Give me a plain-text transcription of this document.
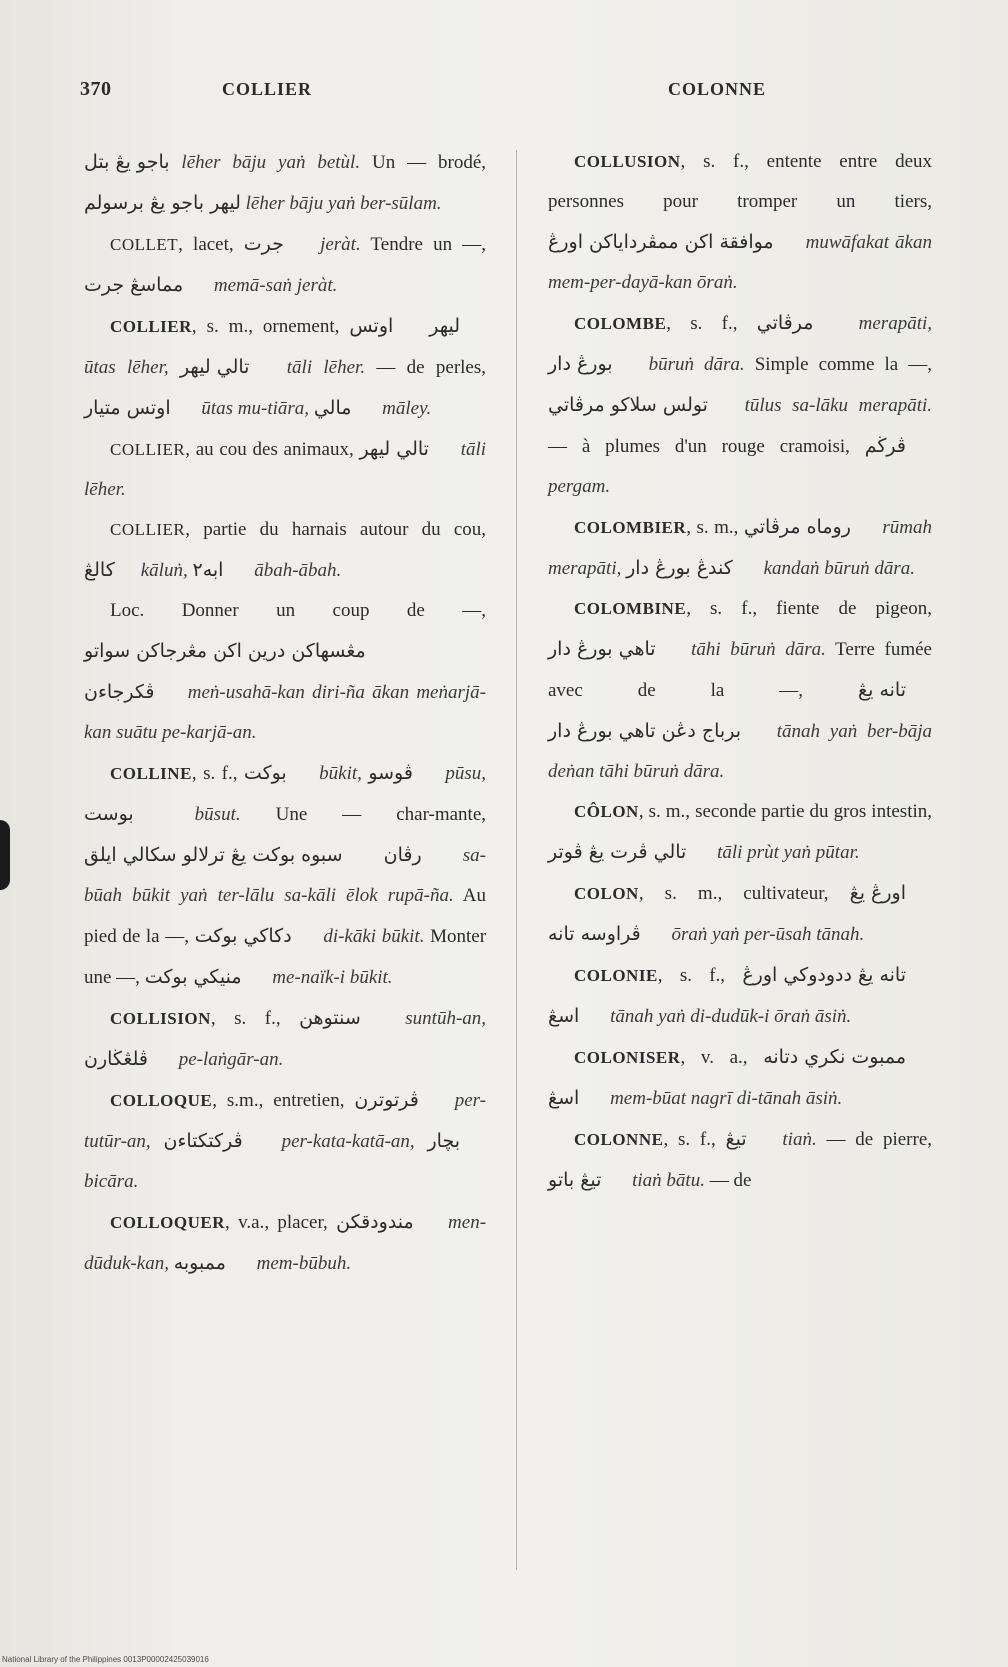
370	COLLIER	COLONNE

باجو يڠ بتل lēher bāju yaṅ betùl. Un — brodé, ليهر باجو يڠ برسولم lēher bāju yaṅ ber-sūlam.

COLLET, lacet, جرت jeràt. Tendre un —, مماسڠ جرت memā-saṅ jeràt.

COLLIER, s. m., ornement, اوتس ليهر ūtas lēher, تالي ليهر tāli lēher. — de perles, اوتس متيار ūtas mu-tiāra, مالي māley.

COLLIER, au cou des animaux, تالي ليهر tāli lēher.

COLLIER, partie du harnais autour du cou, كالڠ kāluṅ, ابه٢ ābah-ābah.

Loc. Donner un coup de —, مڠسهاكن درين اكن مڠرجاكن سواتو ڤكرجاءن meṅ-usahā-kan diri-ña ākan meṅarjā-kan suātu pe-karjā-an.

COLLINE, s. f., بوكت būkit, ڤوسو pūsu, بوست	būsut. Une — char-mante, سبوه بوكت يڠ ترلالو سكالي ايلق رڤان sa-būah būkit yaṅ ter-lālu sa-kāli ēlok rupā-ña. Au pied de la —, دكاكي بوكت di-kāki būkit. Monter une —, منيكي بوكت me-naïk-i būkit.

COLLISION, s. f., سنتوهن suntūh-an, ڤلڠڬارن pe-laṅgār-an.

COLLOQUE, s.m., entretien, ڤرتوترن per-tutūr-an, ڤركتكتاءن per-kata-katā-an, بچار bicāra.

COLLOQUER, v.a., placer, مندودقكن men-dūduk-kan, ممبوبه mem-būbuh.

COLLUSION, s. f., entente entre deux personnes pour tromper un tiers, موافقة اكن ممڤرداياكن اورڠ muwāfakat ākan mem-per-dayā-kan ōraṅ.

COLOMBE, s. f., مرڤاتي merapāti, بورڠ دار būruṅ dāra. Simple comme la —, تولس سلاكو مرڤاتي tūlus sa-lāku merapāti. — à plumes d'un rouge cramoisi, ڤرڬم pergam.

COLOMBIER, s. m., روماه مرڤاتي rūmah merapāti, كندڠ بورڠ دار kandaṅ būruṅ dāra.

COLOMBINE, s. f., fiente de pigeon, تاهي بورڠ دار tāhi būruṅ dāra. Terre fumée avec de la —,	تانه يڠ برباج دڠن تاهي بورڠ دار tānah yaṅ ber-bāja deṅan tāhi būruṅ dāra.

CÔLON, s. m., seconde partie du gros intestin, تالي ڤرت يڠ ڤوتر tāli prùt yaṅ pūtar.

COLON, s. m., cultivateur, اورڠ يڠ ڤراوسه تانه ōraṅ yaṅ per-ūsah tānah.

COLONIE, s. f., تانه يڠ ددودوكي اورڠ اسڠ tānah yaṅ di-dudūk-i ōraṅ āsiṅ.

COLONISER, v. a., ممبوت نكري دتانه اسڠ mem-būat nagrī di-tānah āsiṅ.

COLONNE, s. f., تيڠ tiaṅ. — de pierre, تيڠ باتو tiaṅ bātu. — de

National Library of the Philippines 0013P00002425039016
